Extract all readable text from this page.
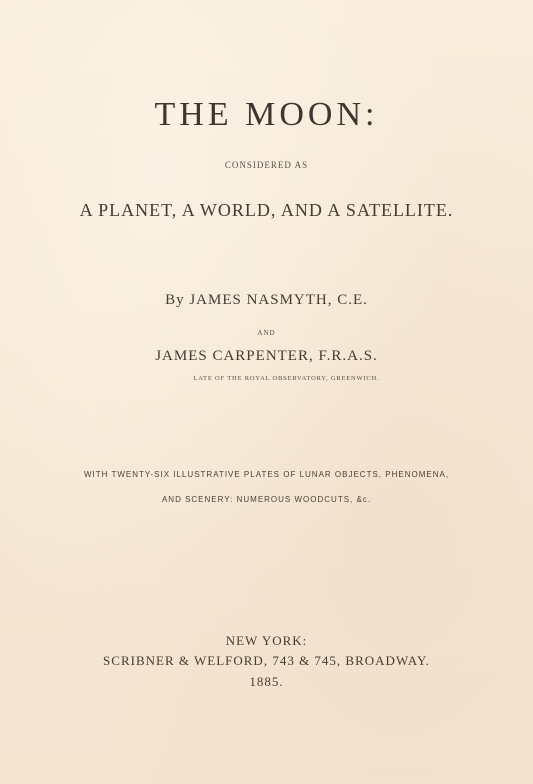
THE MOON:
CONSIDERED AS
A PLANET, A WORLD, AND A SATELLITE.
By JAMES NASMYTH, C.E.
AND
JAMES CARPENTER, F.R.A.S.
LATE OF THE ROYAL OBSERVATORY, GREENWICH.
WITH TWENTY-SIX ILLUSTRATIVE PLATES OF LUNAR OBJECTS, PHENOMENA,
AND SCENERY: NUMEROUS WOODCUTS, &c.
NEW YORK:
SCRIBNER & WELFORD, 743 & 745, BROADWAY.
1885.
